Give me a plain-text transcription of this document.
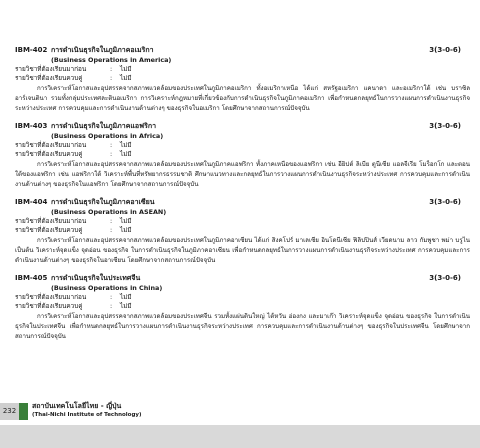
IBM-402 การดำเนินธุรกิจในภูมิภาคอเมริกา	3(3-0-6)
(Business Operations in America)
รายวิชาที่ต้องเรียนมาก่อน	:	ไม่มี
รายวิชาที่ต้องเรียนควบคู่	:	ไม่มี
การวิเคราะห์โอกาสและอุปสรรคจากสภาพแวดล้อมของประเทศในภูมิภาคอเมริกา ทั้งอเมริกาเหนือ ได้แก่ สหรัฐอเมริกา แคนาดา และอเมริกาใต้ เช่น บราซิล อาร์เจนตินา รวมทั้งกลุ่มประเทศละตินอเมริกา การวิเคราะห์กฎหมายที่เกี่ยวข้องกับการดำเนินธุรกิจในภูมิภาคอเมริกา เพื่อกำหนดกลยุทธ์ในการวางแผนการดำเนินงานธุรกิจระหว่างประเทศ การควบคุมและการดำเนินงานด้านต่างๆ ของธุรกิจในอเมริกา โดยศึกษาจากสถานการณ์ปัจจุบัน
IBM-403 การดำเนินธุรกิจในภูมิภาคแอฟริกา	3(3-0-6)
(Business Operations in Africa)
รายวิชาที่ต้องเรียนมาก่อน	:	ไม่มี
รายวิชาที่ต้องเรียนควบคู่	:	ไม่มี
การวิเคราะห์โอกาสและอุปสรรคจากสภาพแวดล้อมของประเทศในภูมิภาคแอฟริกา ทั้งภาคเหนือของแอฟริกา เช่น อียิปต์ ลิเบีย ตูนีเซีย แอลจีเรีย โมร็อกโก และตอนใต้ของแอฟริกา เช่น แอฟริกาใต้ วิเคราะห์พื้นที่ทรัพยากรธรรมชาติ ศึกษาแนวทางและกลยุทธ์ในการวางแผนการดำเนินงานธุรกิจระหว่างประเทศ การควบคุมและการดำเนินงานด้านต่างๆ ของธุรกิจในแอฟริกา โดยศึกษาจากสถานการณ์ปัจจุบัน
IBM-404 การดำเนินธุรกิจในภูมิภาคอาเซียน	3(3-0-6)
(Business Operations in ASEAN)
รายวิชาที่ต้องเรียนมาก่อน	:	ไม่มี
รายวิชาที่ต้องเรียนควบคู่	:	ไม่มี
การวิเคราะห์โอกาสและอุปสรรคจากสภาพแวดล้อมของประเทศในภูมิภาคอาเซียน ได้แก่ สิงคโปร์ มาเลเซีย อินโดนีเซีย ฟิลิปปินส์ เวียดนาม ลาว กัมพูชา พม่า บรูไน เป็นต้น วิเคราะห์จุดแข็ง จุดอ่อน ของธุรกิจ ในการดำเนินธุรกิจในภูมิภาคอาเซียน เพื่อกำหนดกลยุทธ์ในการวางแผนการดำเนินงานธุรกิจระหว่างประเทศ การควบคุมและการดำเนินงานด้านต่างๆ ของธุรกิจในอาเซียน โดยศึกษาจากสถานการณ์ปัจจุบัน
IBM-405 การดำเนินธุรกิจในประเทศจีน	3(3-0-6)
(Business Operations in China)
รายวิชาที่ต้องเรียนมาก่อน	:	ไม่มี
รายวิชาที่ต้องเรียนควบคู่	:	ไม่มี
การวิเคราะห์โอกาสและอุปสรรคจากสภาพแวดล้อมของประเทศจีน รวมทั้งแผ่นดินใหญ่ ไต้หวัน ฮ่องกง และมาเก๊า วิเคราะห์จุดแข็ง จุดอ่อน ของธุรกิจ ในการดำเนินธุรกิจในประเทศจีน เพื่อกำหนดกลยุทธ์ในการวางแผนการดำเนินงานธุรกิจระหว่างประเทศ การควบคุมและการดำเนินงานด้านต่างๆ ของธุรกิจในประเทศจีน โดยศึกษาจากสถานการณ์ปัจจุบัน
232
สถาบันเทคโนโลยีไทย - ญี่ปุ่น
(Thai-Nichi Institute of Technology)
